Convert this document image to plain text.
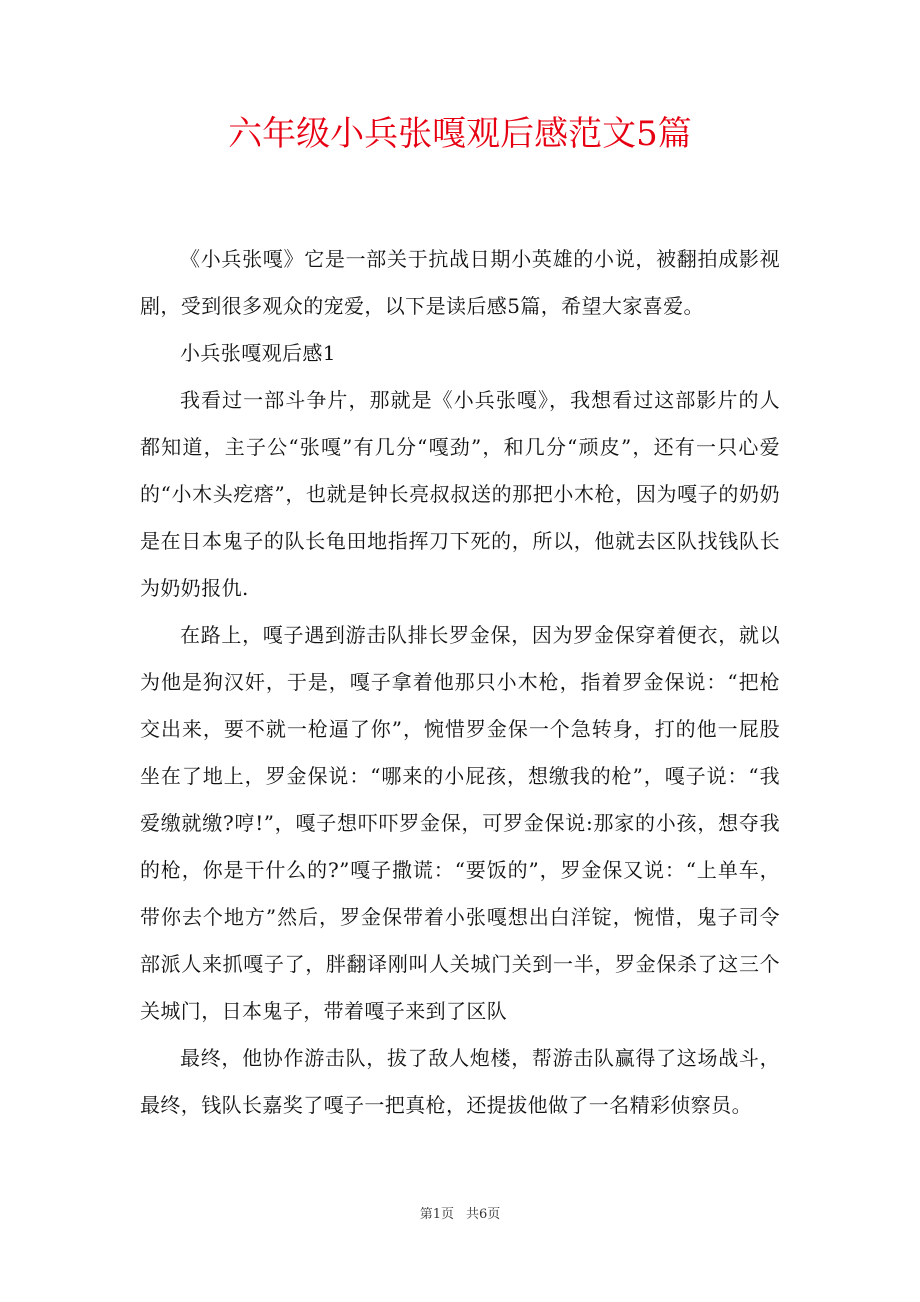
六年级小兵张嘎观后感范文5篇

《小兵张嘎》它是一部关于抗战日期小英雄的小说，被翻拍成影视剧，受到很多观众的宠爱，以下是读后感5篇，希望大家喜爱。

小兵张嘎观后感1

我看过一部斗争片，那就是《小兵张嘎》，我想看过这部影片的人都知道，主子公“张嘎”有几分“嘎劲”，和几分“顽皮”，还有一只心爱的“小木头疙瘩”，也就是钟长亮叔叔送的那把小木枪，因为嘎子的奶奶是在日本鬼子的队长龟田地指挥刀下死的，所以，他就去区队找钱队长为奶奶报仇.

在路上，嘎子遇到游击队排长罗金保，因为罗金保穿着便衣，就以为他是狗汉奸，于是，嘎子拿着他那只小木枪，指着罗金保说：“把枪交出来，要不就一枪逼了你”，惋惜罗金保一个急转身，打的他一屁股坐在了地上，罗金保说：“哪来的小屁孩，想缴我的枪”，嘎子说：“我爱缴就缴?哼!”，嘎子想吓吓罗金保，可罗金保说:那家的小孩，想夺我的枪，你是干什么的?”嘎子撒谎：“要饭的”，罗金保又说：“上单车，带你去个地方”然后，罗金保带着小张嘎想出白洋锭，惋惜，鬼子司令部派人来抓嘎子了，胖翻译刚叫人关城门关到一半，罗金保杀了这三个关城门，日本鬼子，带着嘎子来到了区队

最终，他协作游击队，拔了敌人炮楼，帮游击队赢得了这场战斗，最终，钱队长嘉奖了嘎子一把真枪，还提拔他做了一名精彩侦察员。

第1页 共6页
